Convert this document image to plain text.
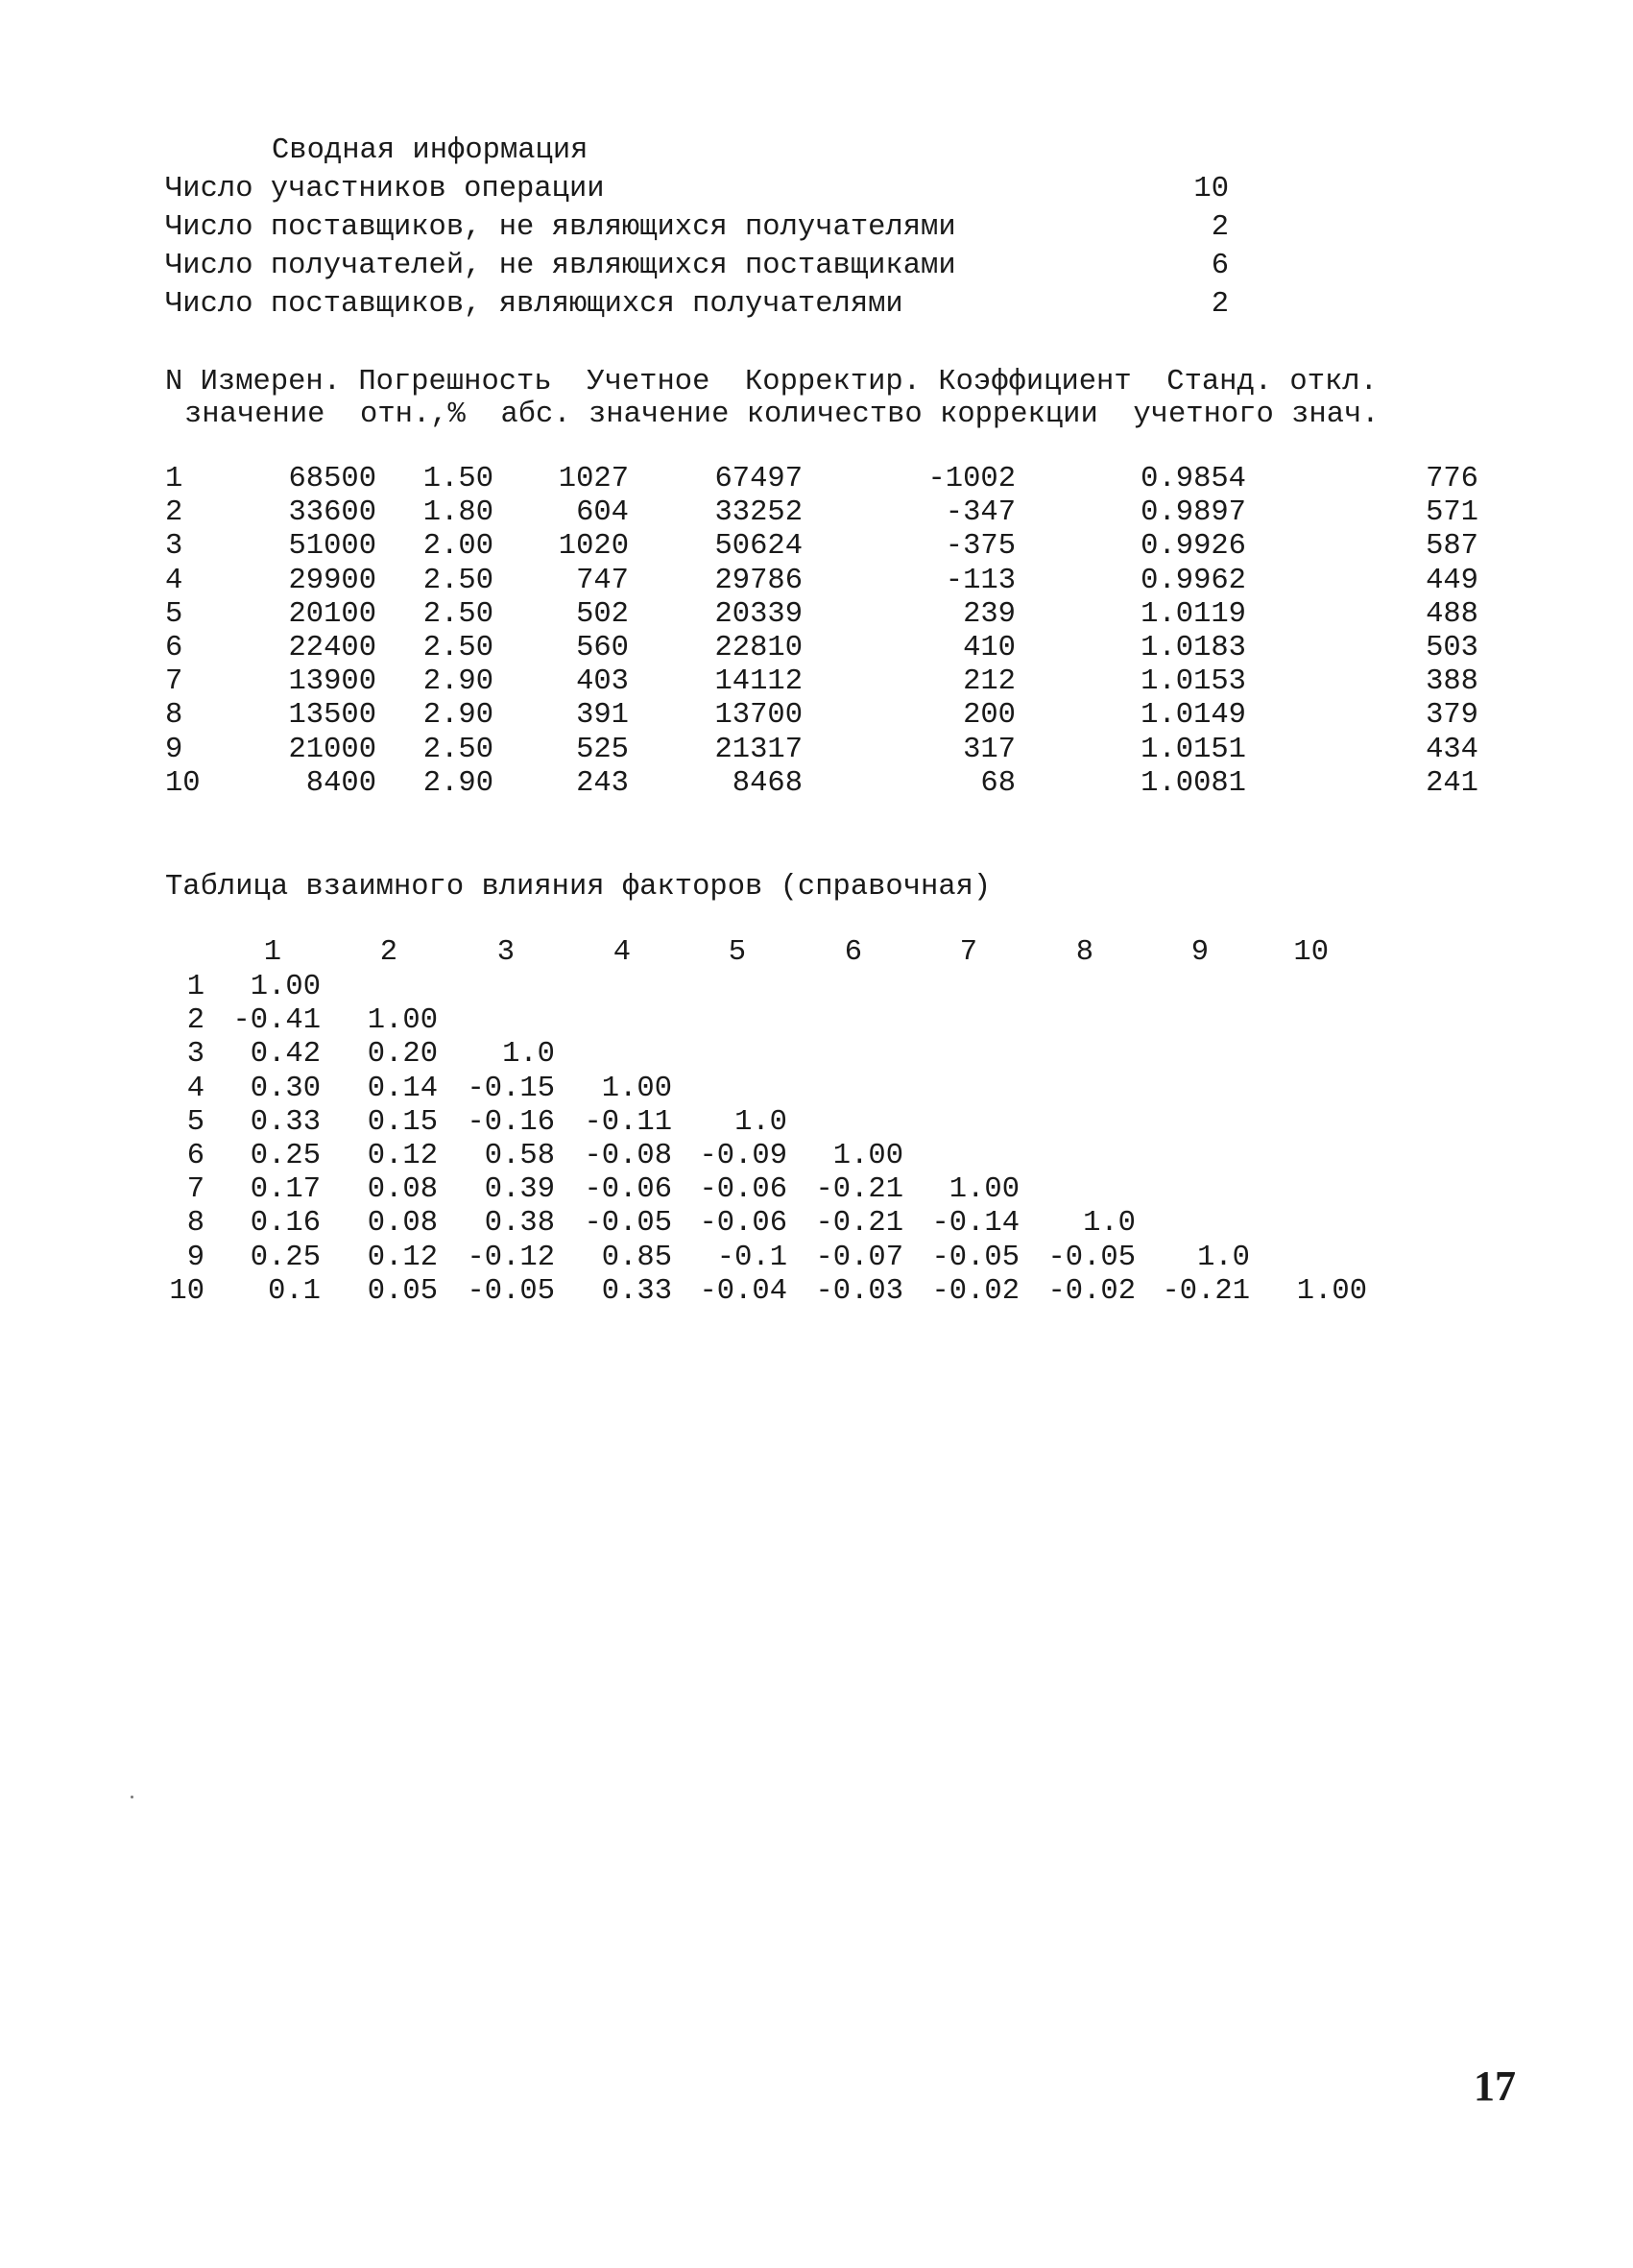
Сводная информация
Число участников операции	10
Число поставщиков, не являющихся получателями	2
Число получателей, не являющихся поставщиками	6
Число поставщиков, являющихся получателями	2
N Измерен. Погрешность  Учетное  Корректир. Коэффициент  Станд. откл.
значение  отн.,%  абс. значение количество коррекции  учетного знач.
1	68500	1.50	1027	67497	-1002	0.9854	776
2	33600	1.80	604	33252	-347	0.9897	571
3	51000	2.00	1020	50624	-375	0.9926	587
4	29900	2.50	747	29786	-113	0.9962	449
5	20100	2.50	502	20339	239	1.0119	488
6	22400	2.50	560	22810	410	1.0183	503
7	13900	2.90	403	14112	212	1.0153	388
8	13500	2.90	391	13700	200	1.0149	379
9	21000	2.50	525	21317	317	1.0151	434
10	8400	2.90	243	8468	68	1.0081	241
Таблица взаимного влияния факторов (справочная)
1	2	3	4	5	6	7	8	9	10
1	1.00
2 -0.41	1.00
3	0.42	0.20	1.0
4	0.30	0.14 -0.15	1.00
5	0.33	0.15 -0.16 -0.11	1.0
6	0.25	0.12	0.58 -0.08 -0.09	1.00
7	0.17	0.08	0.39 -0.06 -0.06 -0.21	1.00
8	0.16	0.08	0.38 -0.05 -0.06 -0.21 -0.14	1.0
9	0.25	0.12 -0.12	0.85	-0.1 -0.07 -0.05 -0.05	1.0
10	0.1	0.05 -0.05	0.33 -0.04 -0.03 -0.02 -0.02 -0.21	1.00
17
